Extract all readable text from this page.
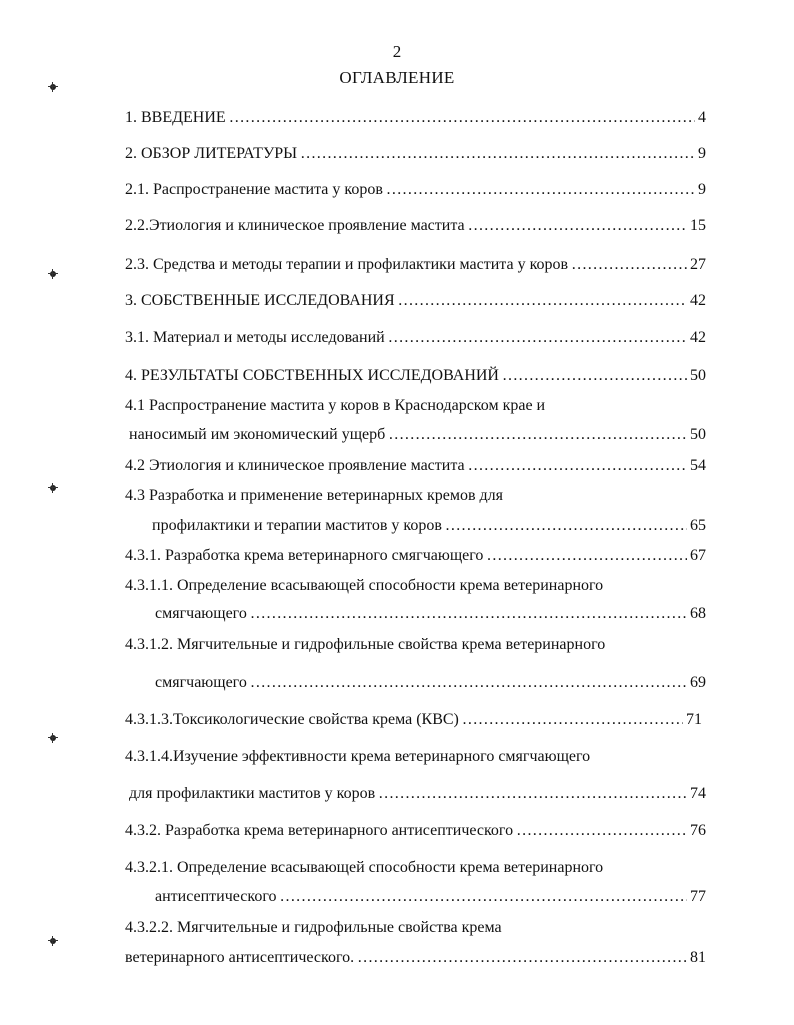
2
ОГЛАВЛЕНИЕ
1. ВВЕДЕНИЕ …………………………………………………………………………………………………………………………………………………………	4
2. ОБЗОР ЛИТЕРАТУРЫ …………………………………………………………………………………………………………………………………………………………	9
2.1. Распространение мастита у коров …………………………………………………………………………………………………………………………………………………………	9
2.2.Этиология и клиническое проявление мастита …………………………………………………………………………………………………………………………………………………………	15
2.3. Средства и методы терапии и профилактики мастита у коров …………………………………………………………………………………………………………………………………………………………	27
3. СОБСТВЕННЫЕ ИССЛЕДОВАНИЯ …………………………………………………………………………………………………………………………………………………………	42
3.1. Материал и методы исследований …………………………………………………………………………………………………………………………………………………………	42
4. РЕЗУЛЬТАТЫ СОБСТВЕННЫХ ИССЛЕДОВАНИЙ …………………………………………………………………………………………………………………………………………………………	50
4.1 Распространение мастита у коров в Краснодарском крае и
наносимый им экономический ущерб …………………………………………………………………………………………………………………………………………………………	50
4.2 Этиология и клиническое проявление мастита …………………………………………………………………………………………………………………………………………………………	54
4.3 Разработка и применение ветеринарных кремов для
профилактики и терапии маститов у коров …………………………………………………………………………………………………………………………………………………………	65
4.3.1. Разработка крема ветеринарного смягчающего …………………………………………………………………………………………………………………………………………………………	67
4.3.1.1. Определение всасывающей способности крема ветеринарного
смягчающего …………………………………………………………………………………………………………………………………………………………	68
4.3.1.2. Мягчительные и гидрофильные свойства крема ветеринарного
смягчающего …………………………………………………………………………………………………………………………………………………………	69
4.3.1.3.Токсикологические свойства крема (КВС) …………………………………………………………………………………………………………………………………………………………	71
4.3.1.4.Изучение эффективности крема ветеринарного смягчающего
для профилактики маститов у коров …………………………………………………………………………………………………………………………………………………………	74
4.3.2. Разработка крема ветеринарного антисептического …………………………………………………………………………………………………………………………………………………………	76
4.3.2.1. Определение всасывающей способности крема ветеринарного
антисептического …………………………………………………………………………………………………………………………………………………………	77
4.3.2.2. Мягчительные и гидрофильные свойства крема
ветеринарного антисептического. …………………………………………………………………………………………………………………………………………………………	81
